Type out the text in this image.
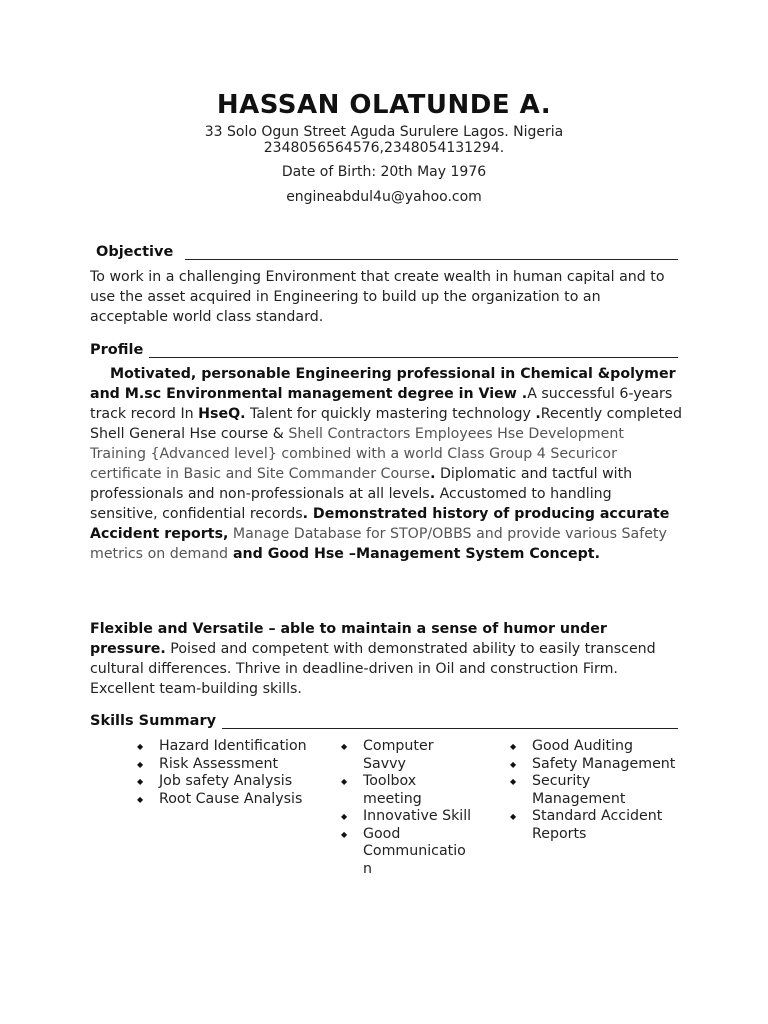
HASSAN OLATUNDE A.
33 Solo Ogun Street Aguda Surulere Lagos. Nigeria
2348056564576,2348054131294.
Date of Birth: 20th May 1976
engineabdul4u@yahoo.com
Objective
To work in a challenging Environment that create wealth in human capital and to use the asset acquired in Engineering to build up the organization to an acceptable world class standard.
Profile
Motivated, personable Engineering professional in Chemical &polymer and M.sc Environmental management degree in View .A successful 6-years track record In HseQ. Talent for quickly mastering technology .Recently completed Shell General Hse course & Shell Contractors Employees Hse Development Training {Advanced level} combined with a world Class Group 4 Securicor certificate in Basic and Site Commander Course. Diplomatic and tactful with professionals and non-professionals at all levels. Accustomed to handling sensitive, confidential records. Demonstrated history of producing accurate Accident reports, Manage Database for STOP/OBBS and provide various Safety metrics on demand and Good Hse –Management System Concept.
Flexible and Versatile – able to maintain a sense of humor under pressure. Poised and competent with demonstrated ability to easily transcend cultural differences. Thrive in deadline-driven in Oil and construction Firm. Excellent team-building skills.
Skills Summary
◆ Hazard Identification
◆ Risk Assessment
◆ Job safety Analysis
◆ Root Cause Analysis
◆ Computer Savvy
◆ Toolbox meeting
◆ Innovative Skill
◆ Good Communicatio n
◆ Good Auditing
◆ Safety Management
◆ Security Management
◆ Standard Accident Reports
